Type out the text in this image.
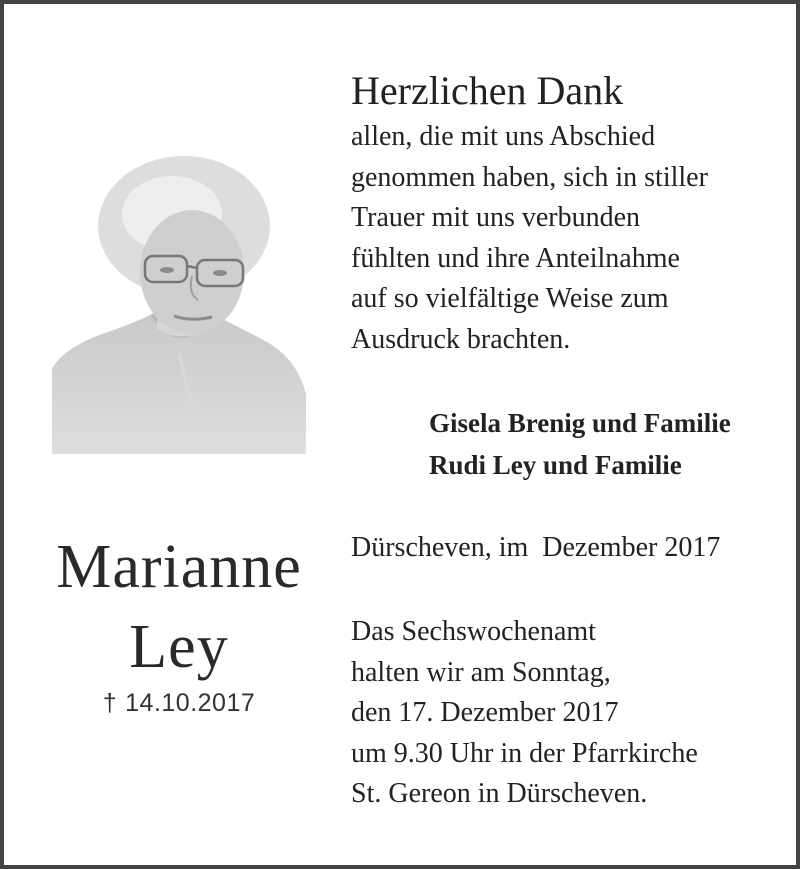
Marianne
Ley
† 14.10.2017
Herzlichen Dank
allen, die mit uns Abschied
genommen haben, sich in stiller
Trauer mit uns verbunden
fühlten und ihre Anteilnahme
auf so vielfältige Weise zum
Ausdruck brachten.
Gisela Brenig und Familie
Rudi Ley und Familie
Dürscheven, im  Dezember 2017
Das Sechswochenamt
halten wir am Sonntag,
den 17. Dezember 2017
um 9.30 Uhr in der Pfarrkirche
St. Gereon in Dürscheven.
